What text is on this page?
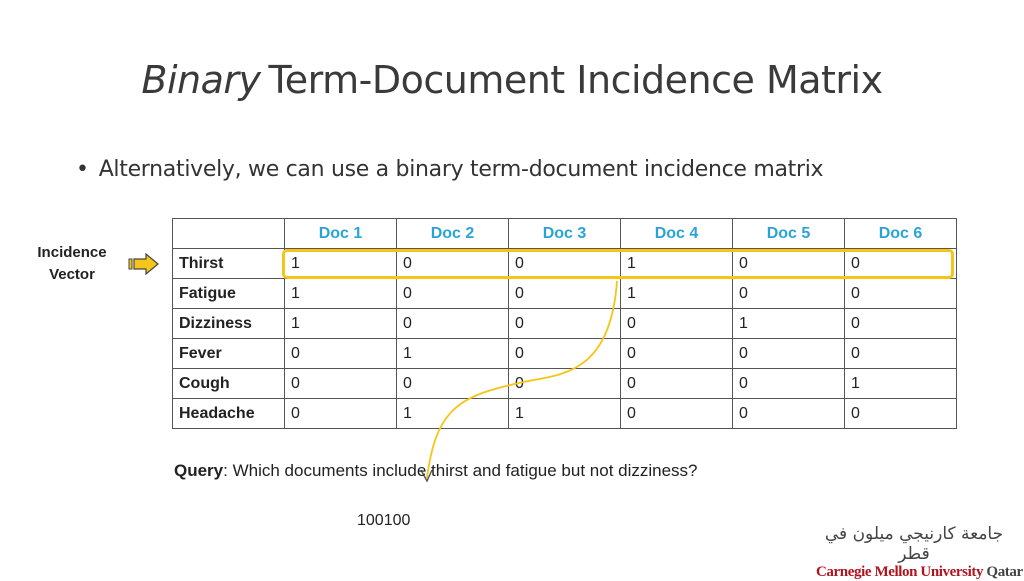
Binary Term-Document Incidence Matrix
• Alternatively, we can use a binary term-document incidence matrix
Incidence
Vector
	Doc 1	Doc 2	Doc 3	Doc 4	Doc 5	Doc 6
Thirst	1	0	0	1	0	0
Fatigue	1	0	0	1	0	0
Dizziness	1	0	0	0	1	0
Fever	0	1	0	0	0	0
Cough	0	0	0	0	0	1
Headache	0	1	1	0	0	0
Query: Which documents include thirst and fatigue but not dizziness?
100100
جامعة كارنيجي ميلون في قطر
Carnegie Mellon University Qatar
